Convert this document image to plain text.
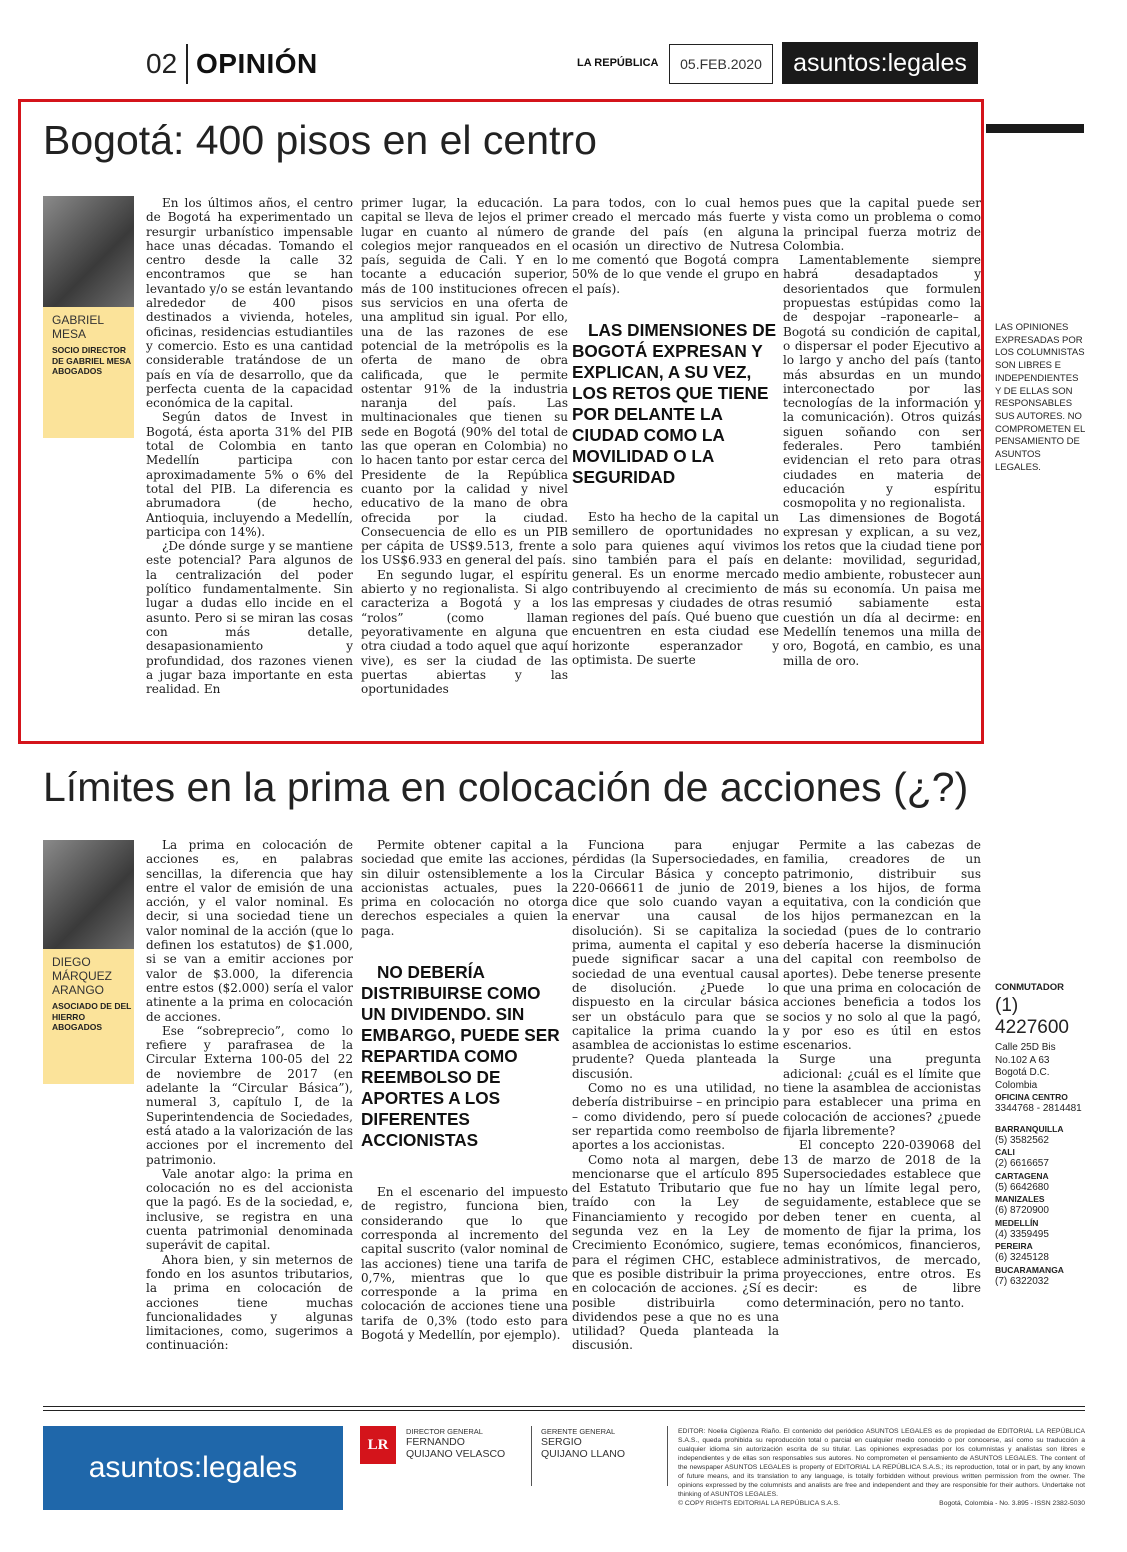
02 OPINIÓN	LA REPÚBLICA	05.FEB.2020	asuntos:legales
LAS OPINIONES EXPRESADAS POR LOS COLUMNISTAS SON LIBRES E INDEPENDIENTES Y DE ELLAS SON RESPONSABLES SUS AUTORES. NO COMPROMETEN EL PENSAMIENTO DE ASUNTOS LEGALES.
Bogotá: 400 pisos en el centro
GABRIEL MESA
SOCIO DIRECTOR DE GABRIEL MESA ABOGADOS

En los últimos años, el centro de Bogotá ha experimentado un resurgir urbanístico impensable hace unas décadas. Tomando el centro desde la calle 32 encontramos que se han levantado y/o se están levantando alrededor de 400 pisos destinados a vivienda, hoteles, oficinas, residencias estudiantiles y comercio. Esto es una cantidad considerable tratándose de un país en vía de desarrollo, que da perfecta cuenta de la capacidad económica de la capital.

Según datos de Invest in Bogotá, ésta aporta 31% del PIB total de Colombia en tanto Medellín participa con aproximadamente 5% o 6% del total del PIB. La diferencia es abrumadora (de hecho, Antioquia, incluyendo a Medellín, participa con 14%).

¿De dónde surge y se mantiene este potencial? Para algunos de la centralización del poder político fundamentalmente. Sin lugar a dudas ello incide en el asunto. Pero si se miran las cosas con más detalle, desapasionamiento y profundidad, dos razones vienen a jugar baza importante en esta realidad. En

primer lugar, la educación. La capital se lleva de lejos el primer lugar en cuanto al número de colegios mejor ranqueados en el país, seguida de Cali. Y en lo tocante a educación superior, más de 100 instituciones ofrecen sus servicios en una oferta de una amplitud sin igual. Por ello, una de las razones de ese potencial de la metrópolis es la oferta de mano de obra calificada, que le permite ostentar 91% de la industria naranja del país. Las multinacionales que tienen su sede en Bogotá (90% del total de las que operan en Colombia) no lo hacen tanto por estar cerca del Presidente de la República cuanto por la calidad y nivel educativo de la mano de obra ofrecida por la ciudad. Consecuencia de ello es un PIB per cápita de US$9.513, frente a los US$6.933 en general del país.

En segundo lugar, el espíritu abierto y no regionalista. Si algo caracteriza a Bogotá y a los “rolos” (como llaman peyorativamente en alguna que otra ciudad a todo aquel que aquí vive), es ser la ciudad de las puertas abiertas y las oportunidades

para todos, con lo cual hemos creado el mercado más fuerte y grande del país (en alguna ocasión un directivo de Nutresa me comentó que Bogotá compra 50% de lo que vende el grupo en el país).

LAS DIMENSIONES DE BOGOTÁ EXPRESAN Y EXPLICAN, A SU VEZ, LOS RETOS QUE TIENE POR DELANTE LA CIUDAD COMO LA MOVILIDAD O LA SEGURIDAD

Esto ha hecho de la capital un semillero de oportunidades no solo para quienes aquí vivimos sino también para el país en general. Es un enorme mercado contribuyendo al crecimiento de las empresas y ciudades de otras regiones del país. Qué bueno que encuentren en esta ciudad ese horizonte esperanzador y optimista. De suerte

pues que la capital puede ser vista como un problema o como la principal fuerza motriz de Colombia.

Lamentablemente siempre habrá desadaptados y desorientados que formulen propuestas estúpidas como la de despojar –raponearle– a Bogotá su condición de capital, o dispersar el poder Ejecutivo a lo largo y ancho del país (tanto más absurdas en un mundo interconectado por las tecnologías de la información y la comunicación). Otros quizás siguen soñando con ser federales. Pero también evidencian el reto para otras ciudades en materia de educación y espíritu cosmopolita y no regionalista.

Las dimensiones de Bogotá expresan y explican, a su vez, los retos que la ciudad tiene por delante: movilidad, seguridad, medio ambiente, robustecer aun más su economía. Un paisa me resumió sabiamente esta cuestión un día al decirme: en Medellín tenemos una milla de oro, Bogotá, en cambio, es una milla de oro.

Límites en la prima en colocación de acciones (¿?)
DIEGO MÁRQUEZ ARANGO
ASOCIADO DE DEL HIERRO ABOGADOS

La prima en colocación de acciones es, en palabras sencillas, la diferencia que hay entre el valor de emisión de una acción, y el valor nominal. Es decir, si una sociedad tiene un valor nominal de la acción (que lo definen los estatutos) de $1.000, si se van a emitir acciones por valor de $3.000, la diferencia entre estos ($2.000) sería el valor atinente a la prima en colocación de acciones.

Ese “sobreprecio”, como lo refiere y parafrasea de la Circular Externa 100-05 del 22 de noviembre de 2017 (en adelante la “Circular Básica”), numeral 3, capítulo I, de la Superintendencia de Sociedades, está atado a la valorización de las acciones por el incremento del patrimonio.

Vale anotar algo: la prima en colocación no es del accionista que la pagó. Es de la sociedad, e, inclusive, se registra en una cuenta patrimonial denominada superávit de capital.

Ahora bien, y sin meternos de fondo en los asuntos tributarios, la prima en colocación de acciones tiene muchas funcionalidades y algunas limitaciones, como, sugerimos a continuación:

Permite obtener capital a la sociedad que emite las acciones, sin diluir ostensiblemente a los accionistas actuales, pues la prima en colocación no otorga derechos especiales a quien la paga.

NO DEBERÍA DISTRIBUIRSE COMO UN DIVIDENDO. SIN EMBARGO, PUEDE SER REPARTIDA COMO REEMBOLSO DE APORTES A LOS DIFERENTES ACCIONISTAS

En el escenario del impuesto de registro, funciona bien, considerando que lo que corresponda al incremento del capital suscrito (valor nominal de las acciones) tiene una tarifa de 0,7%, mientras que lo que corresponde a la prima en colocación de acciones tiene una tarifa de 0,3% (todo esto para Bogotá y Medellín, por ejemplo).

Funciona para enjugar pérdidas (la Supersociedades, en la Circular Básica y concepto 220-066611 de junio de 2019, dice que solo cuando vayan a enervar una causal de disolución). Si se capitaliza la prima, aumenta el capital y eso puede significar sacar a una sociedad de una eventual causal de disolución. ¿Puede lo dispuesto en la circular básica ser un obstáculo para que se capitalice la prima cuando la asamblea de accionistas lo estime prudente? Queda planteada la discusión.

Como no es una utilidad, no debería distribuirse – en principio – como dividendo, pero sí puede ser repartida como reembolso de aportes a los accionistas.

Como nota al margen, debe mencionarse que el artículo 895 del Estatuto Tributario que fue traído con la Ley de Financiamiento y recogido por segunda vez en la Ley de Crecimiento Económico, sugiere, para el régimen CHC, establece que es posible distribuir la prima en colocación de acciones. ¿Sí es posible distribuirla como dividendos pese a que no es una utilidad? Queda planteada la discusión.

Permite a las cabezas de familia, creadores de un patrimonio, distribuir sus bienes a los hijos, de forma equitativa, con la condición que los hijos permanezcan en la sociedad (pues de lo contrario debería hacerse la disminución del capital con reembolso de aportes). Debe tenerse presente que una prima en colocación de acciones beneficia a todos los socios y no solo al que la pagó, y por eso es útil en estos escenarios.

Surge una pregunta adicional: ¿cuál es el límite que tiene la asamblea de accionistas para establecer una prima en colocación de acciones? ¿puede fijarla libremente?

El concepto 220-039068 del 13 de marzo de 2018 de la Supersociedades establece que no hay un límite legal pero, seguidamente, establece que se deben tener en cuenta, al momento de fijar la prima, los temas económicos, financieros, administrativos, de mercado, proyecciones, entre otros. Es decir: es de libre determinación, pero no tanto.

CONMUTADOR
(1) 4227600
Calle 25D Bis
No.102 A 63
Bogotá D.C.
Colombia
OFICINA CENTRO
3344768 - 2814481
BARRANQUILLA
(5) 3582562
CALI
(2) 6616657
CARTAGENA
(5) 6642680
MANIZALES
(6) 8720900
MEDELLÍN
(4) 3359495
PEREIRA
(6) 3245128
BUCARAMANGA
(7) 6322032
asuntos:legales
LR
DIRECTOR GENERAL
FERNANDO
QUIJANO VELASCO
GERENTE GENERAL
SERGIO
QUIJANO LLANO
EDITOR: Noelia Cigüenza Riaño. El contenido del periódico ASUNTOS LEGALES es de propiedad de EDITORIAL LA REPÚBLICA S.A.S., queda prohibida su reproducción total o parcial en cualquier medio conocido o por conocerse, así como su traducción a cualquier idioma sin autorización escrita de su titular. Las opiniones expresadas por los columnistas y analistas son libres e independientes y de ellas son responsables sus autores. No comprometen el pensamiento de ASUNTOS LEGALES. The content of the newspaper ASUNTOS LEGALES is property of EDITORIAL LA REPÚBLICA S.A.S.; its reproduction, total or in part, by any known of future means, and its translation to any language, is totally forbidden without previous written permission from the owner. The opinions expressed by the columnists and analists are free and independent and they are responsible for their authors. Undertake not thinking of ASUNTOS LEGALES.
© COPY RIGHTS EDITORIAL LA REPÚBLICA S.A.S.	Bogotá, Colombia - No. 3.895 - ISSN 2382-5030
